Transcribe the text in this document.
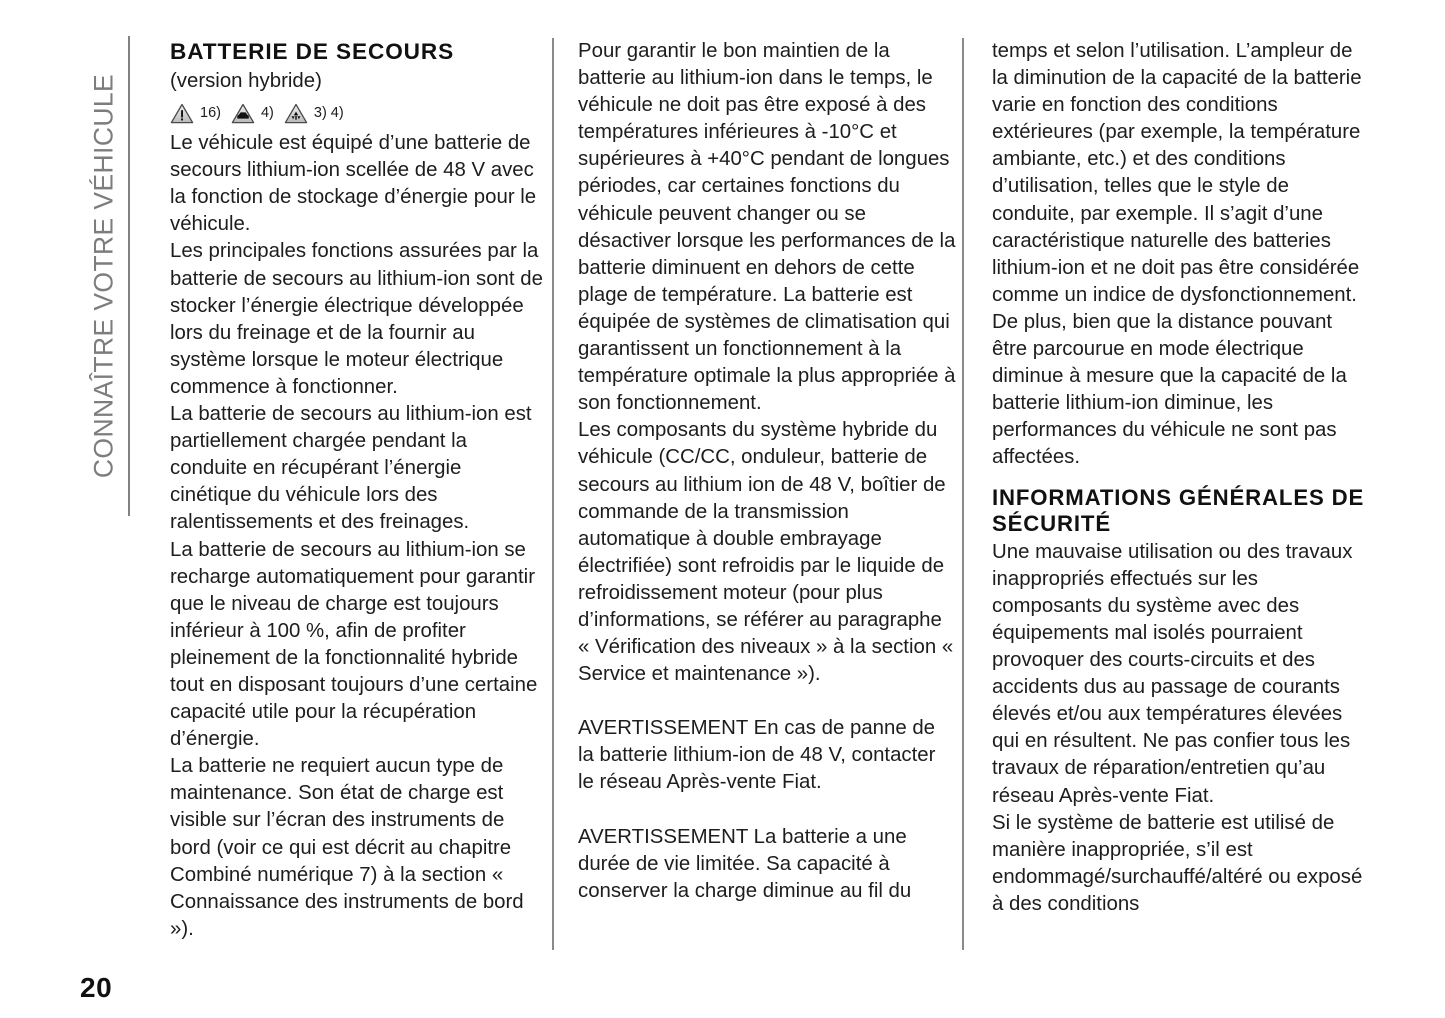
CONNAÎTRE VOTRE VÉHICULE
BATTERIE DE SECOURS

(version hybride)

16)	4)	3) 4)

Le véhicule est équipé d’une batterie de secours lithium-ion scellée de 48 V avec la fonction de stockage d’énergie pour le véhicule.

Les principales fonctions assurées par la batterie de secours au lithium-ion sont de stocker l’énergie électrique développée lors du freinage et de la fournir au système lorsque le moteur électrique commence à fonctionner.

La batterie de secours au lithium-ion est partiellement chargée pendant la conduite en récupérant l’énergie cinétique du véhicule lors des ralentissements et des freinages.

La batterie de secours au lithium-ion se recharge automatiquement pour garantir que le niveau de charge est toujours inférieur à 100 %, afin de profiter pleinement de la fonctionnalité hybride tout en disposant toujours d’une certaine capacité utile pour la récupération d’énergie.

La batterie ne requiert aucun type de maintenance. Son état de charge est visible sur l’écran des instruments de bord (voir ce qui est décrit au chapitre Combiné numérique 7) à la section « Connaissance des instruments de bord »).

Pour garantir le bon maintien de la batterie au lithium-ion dans le temps, le véhicule ne doit pas être exposé à des températures inférieures à -10°C et supérieures à +40°C pendant de longues périodes, car certaines fonctions du véhicule peuvent changer ou se désactiver lorsque les performances de la batterie diminuent en dehors de cette plage de température. La batterie est équipée de systèmes de climatisation qui garantissent un fonctionnement à la température optimale la plus appropriée à son fonctionnement.

Les composants du système hybride du véhicule (CC/CC, onduleur, batterie de secours au lithium ion de 48 V, boîtier de commande de la transmission automatique à double embrayage électrifiée) sont refroidis par le liquide de refroidissement moteur (pour plus d’informations, se référer au paragraphe « Vérification des niveaux » à la section « Service et maintenance »).

AVERTISSEMENT En cas de panne de la batterie lithium-ion de 48 V, contacter le réseau Après-vente Fiat.

AVERTISSEMENT La batterie a une durée de vie limitée. Sa capacité à conserver la charge diminue au fil du

temps et selon l’utilisation. L’ampleur de la diminution de la capacité de la batterie varie en fonction des conditions extérieures (par exemple, la température ambiante, etc.) et des conditions d’utilisation, telles que le style de conduite, par exemple. Il s’agit d’une caractéristique naturelle des batteries lithium-ion et ne doit pas être considérée comme un indice de dysfonctionnement. De plus, bien que la distance pouvant être parcourue en mode électrique diminue à mesure que la capacité de la batterie lithium-ion diminue, les performances du véhicule ne sont pas affectées.

INFORMATIONS GÉNÉRALES DE SÉCURITÉ

Une mauvaise utilisation ou des travaux inappropriés effectués sur les composants du système avec des équipements mal isolés pourraient provoquer des courts-circuits et des accidents dus au passage de courants élevés et/ou aux températures élevées qui en résultent. Ne pas confier tous les travaux de réparation/entretien qu’au réseau Après-vente Fiat.

Si le système de batterie est utilisé de manière inappropriée, s’il est endommagé/surchauffé/altéré ou exposé à des conditions

20
